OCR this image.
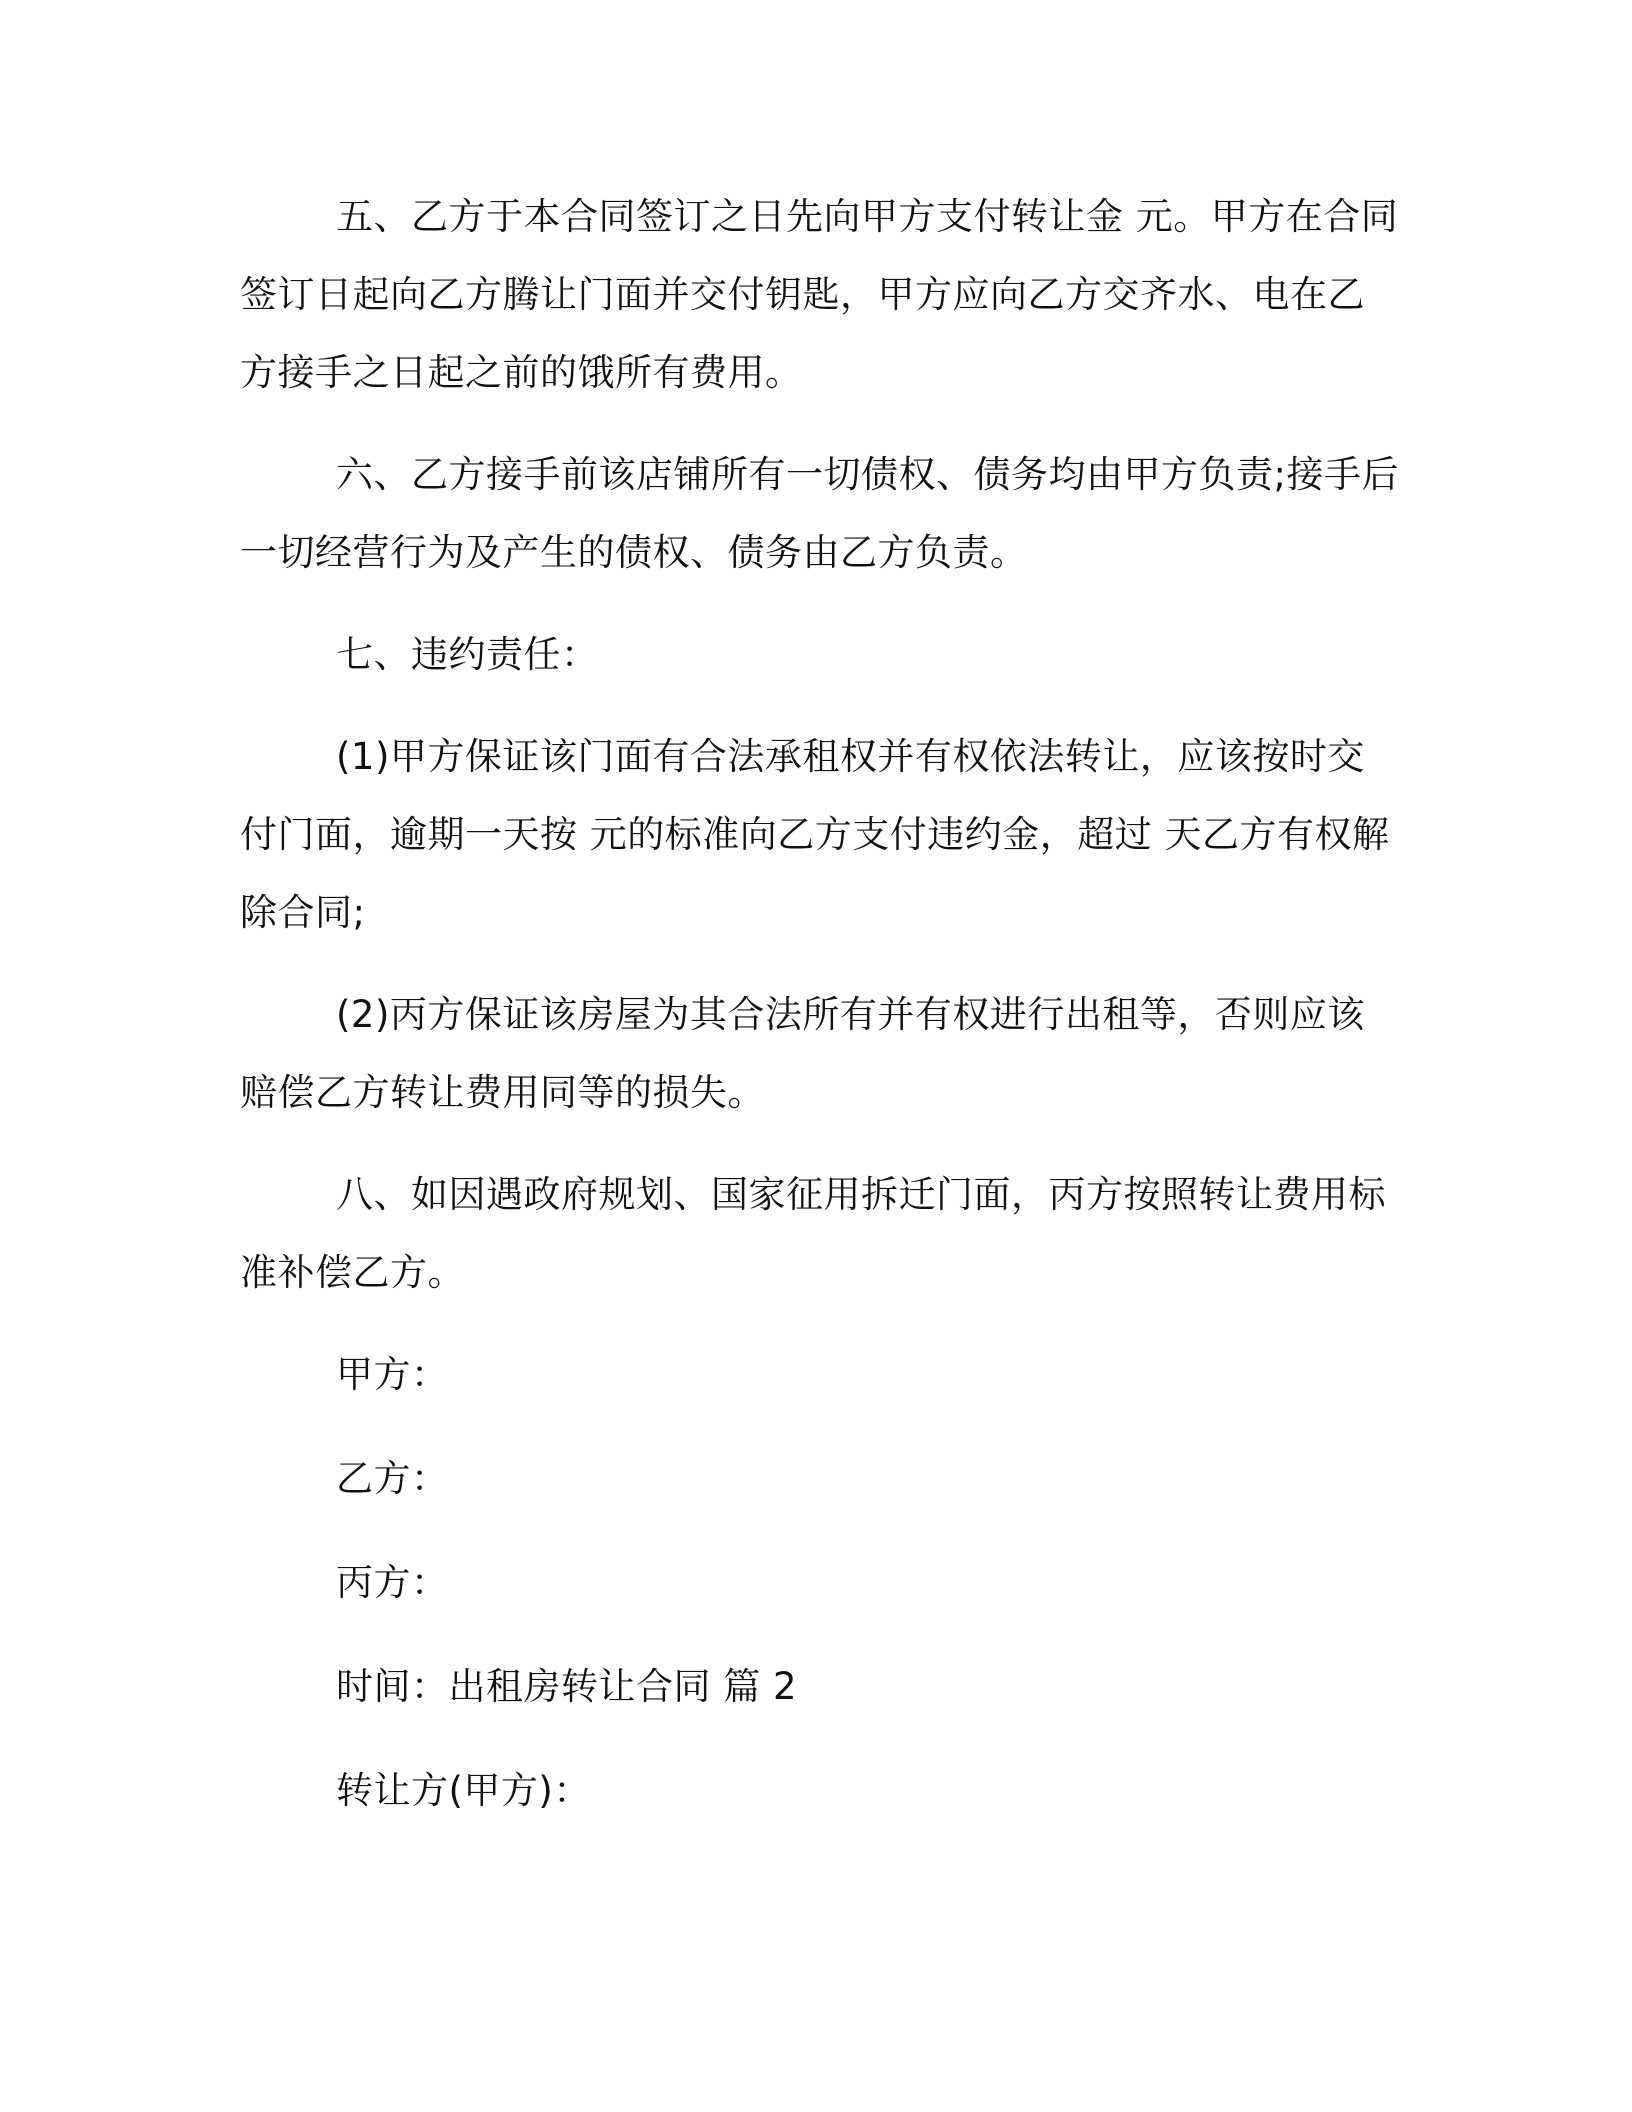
五、乙方于本合同签订之日先向甲方支付转让金 元。甲方在合同签订日起向乙方腾让门面并交付钥匙，甲方应向乙方交齐水、电在乙方接手之日起之前的饿所有费用。

六、乙方接手前该店铺所有一切债权、债务均由甲方负责;接手后一切经营行为及产生的债权、债务由乙方负责。

七、违约责任：

(1)甲方保证该门面有合法承租权并有权依法转让，应该按时交付门面，逾期一天按 元的标准向乙方支付违约金，超过 天乙方有权解除合同;

(2)丙方保证该房屋为其合法所有并有权进行出租等，否则应该赔偿乙方转让费用同等的损失。

八、如因遇政府规划、国家征用拆迁门面，丙方按照转让费用标准补偿乙方。

甲方：
乙方：
丙方：
时间：出租房转让合同 篇 2
转让方(甲方)：
